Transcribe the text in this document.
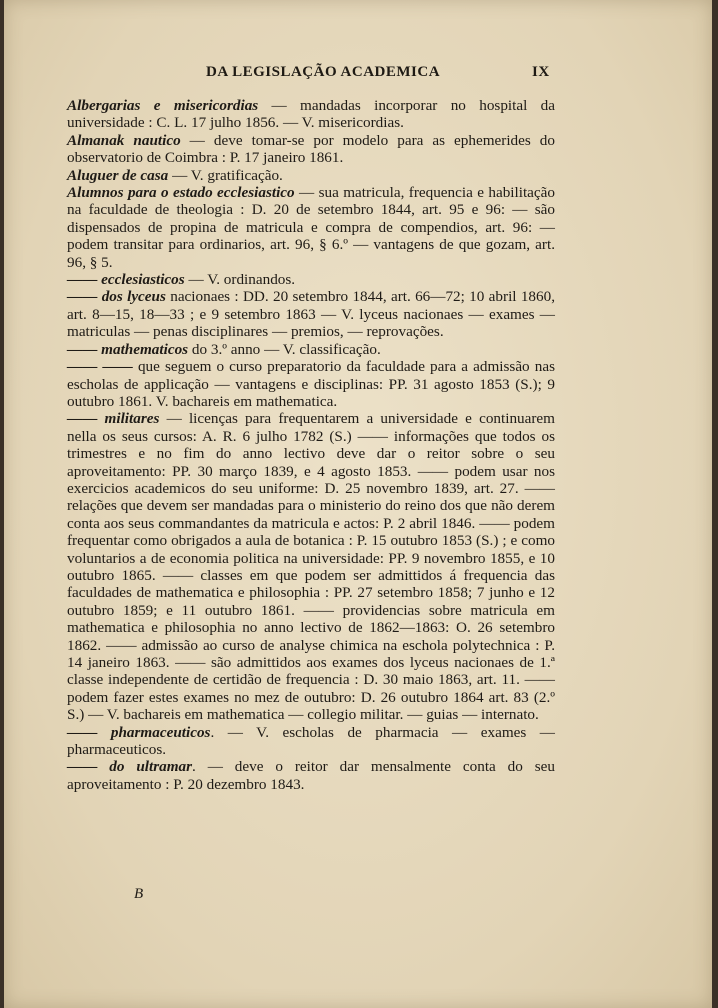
DA LEGISLAÇÃO ACADEMICA	IX

Albergarias e misericordias — mandadas incorporar no hospital da universidade : C. L. 17 julho 1856. — V. misericordias.

Almanak nautico — deve tomar-se por modelo para as ephemerides do observatorio de Coimbra : P. 17 janeiro 1861.

Aluguer de casa — V. gratificação.

Alumnos para o estado ecclesiastico — sua matricula, frequencia e habilitação na faculdade de theologia : D. 20 de setembro 1844, art. 95 e 96: — são dispensados de propina de matricula e compra de compendios, art. 96: — podem transitar para ordinarios, art. 96, § 6.º — vantagens de que gozam, art. 96, § 5.

—— ecclesiasticos — V. ordinandos.

—— dos lyceus nacionaes : DD. 20 setembro 1844, art. 66—72; 10 abril 1860, art. 8—15, 18—33 ; e 9 setembro 1863 — V. lyceus nacionaes — exames — matriculas — penas disciplinares — premios, — reprovações.

—— mathematicos do 3.º anno — V. classificação.

—— —— que seguem o curso preparatorio da faculdade para a admissão nas escholas de applicação — vantagens e disciplinas: PP. 31 agosto 1853 (S.); 9 outubro 1861. V. bachareis em mathematica.

—— militares — licenças para frequentarem a universidade e continuarem nella os seus cursos: A. R. 6 julho 1782 (S.) —— informações que todos os trimestres e no fim do anno lectivo deve dar o reitor sobre o seu aproveitamento: PP. 30 março 1839, e 4 agosto 1853. —— podem usar nos exercicios academicos do seu uniforme: D. 25 novembro 1839, art. 27. —— relações que devem ser mandadas para o ministerio do reino dos que não derem conta aos seus commandantes da matricula e actos: P. 2 abril 1846. —— podem frequentar como obrigados a aula de botanica : P. 15 outubro 1853 (S.) ; e como voluntarios a de economia politica na universidade: PP. 9 novembro 1855, e 10 outubro 1865. —— classes em que podem ser admittidos á frequencia das faculdades de mathematica e philosophia : PP. 27 setembro 1858; 7 junho e 12 outubro 1859; e 11 outubro 1861. —— providencias sobre matricula em mathematica e philosophia no anno lectivo de 1862—1863: O. 26 setembro 1862. —— admissão ao curso de analyse chimica na eschola polytechnica : P. 14 janeiro 1863. —— são admittidos aos exames dos lyceus nacionaes de 1.ª classe independente de certidão de frequencia : D. 30 maio 1863, art. 11. —— podem fazer estes exames no mez de outubro: D. 26 outubro 1864 art. 83 (2.º S.) — V. bachareis em mathematica — collegio militar. — guias — internato.

—— pharmaceuticos. — V. escholas de pharmacia — exames — pharmaceuticos.

—— do ultramar. — deve o reitor dar mensalmente conta do seu aproveitamento : P. 20 dezembro 1843.

B
